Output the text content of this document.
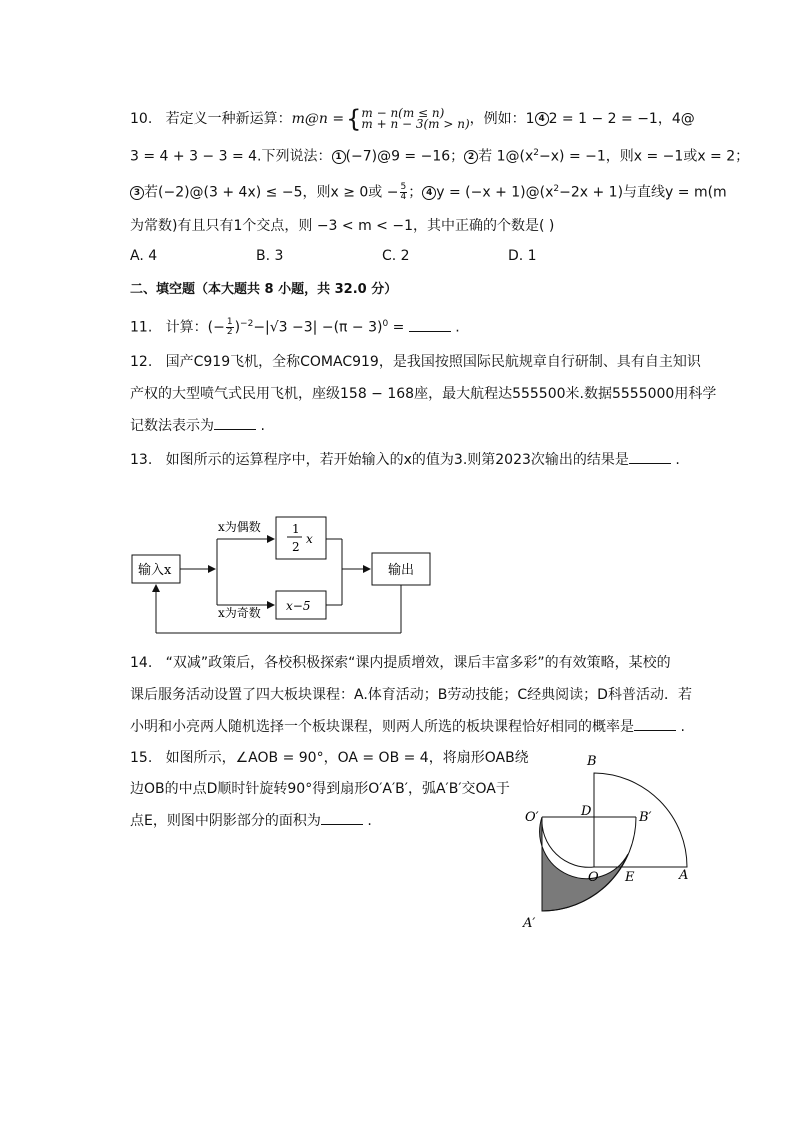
10. 若定义一种新运算：m@n ={ m − n(m ≤ n)
m + n − 3(m > n) ，例如：1 4 2 = 1 − 2 = −1，4@
3 = 4 + 3 − 3 = 4.下列说法： 1 (−7)@9 = −16； 2 若 $1@(x^2-x) = -1$，则x = −1或x = 2；
3 若(−2)@(3 + 4x) ≤ −5，则x ≥ 0或 − $\frac{5}{4}$ ； 4 $y = (-x + 1)@(x^2-2x + 1)$与直线y = m(m
为常数)有且只有1个交点，则 −3 < m < −1，其中正确的个数是( )
A. 4	B. 3	C. 2	D. 1
二、填空题（本大题共 8 小题，共 32.0 分）
11. 计算：(− $\frac{1}{2} )^{-2}-|√3 -3| -(\pi - 3)^0$ =	.
12. 国产C919飞机，全称COMAC919，是我国按照国际民航规章自行研制、具有自主知识
产权的大型喷气式民用飞机，座级158 − 168座，最大航程达555500米.数据5555000用科学
记数法表示为	.
13. 如图所示的运算程序中，若开始输入的x的值为3.则第2023次输出的结果是	.
输入x
x为偶数	1
2
x
x为奇数 x−5
输出
14. “双减”政策后，各校积极探索“课内提质增效，课后丰富多彩”的有效策略，某校的
课后服务活动设置了四大板块课程：A.体育活动；B劳动技能；C经典阅读；D科普活动．若
小明和小亮两人随机选择一个板块课程，则两人所选的板块课程恰好相同的概率是	.
15. 如图所示，∠AOB = 90°，OA = OB = 4，将扇形OAB绕
边OB的中点D顺时针旋转90°得到扇形O′A′B′，弧A′B′交OA于
点E，则图中阴影部分的面积为	.
B
D	B′
O′
O E	A
A′
